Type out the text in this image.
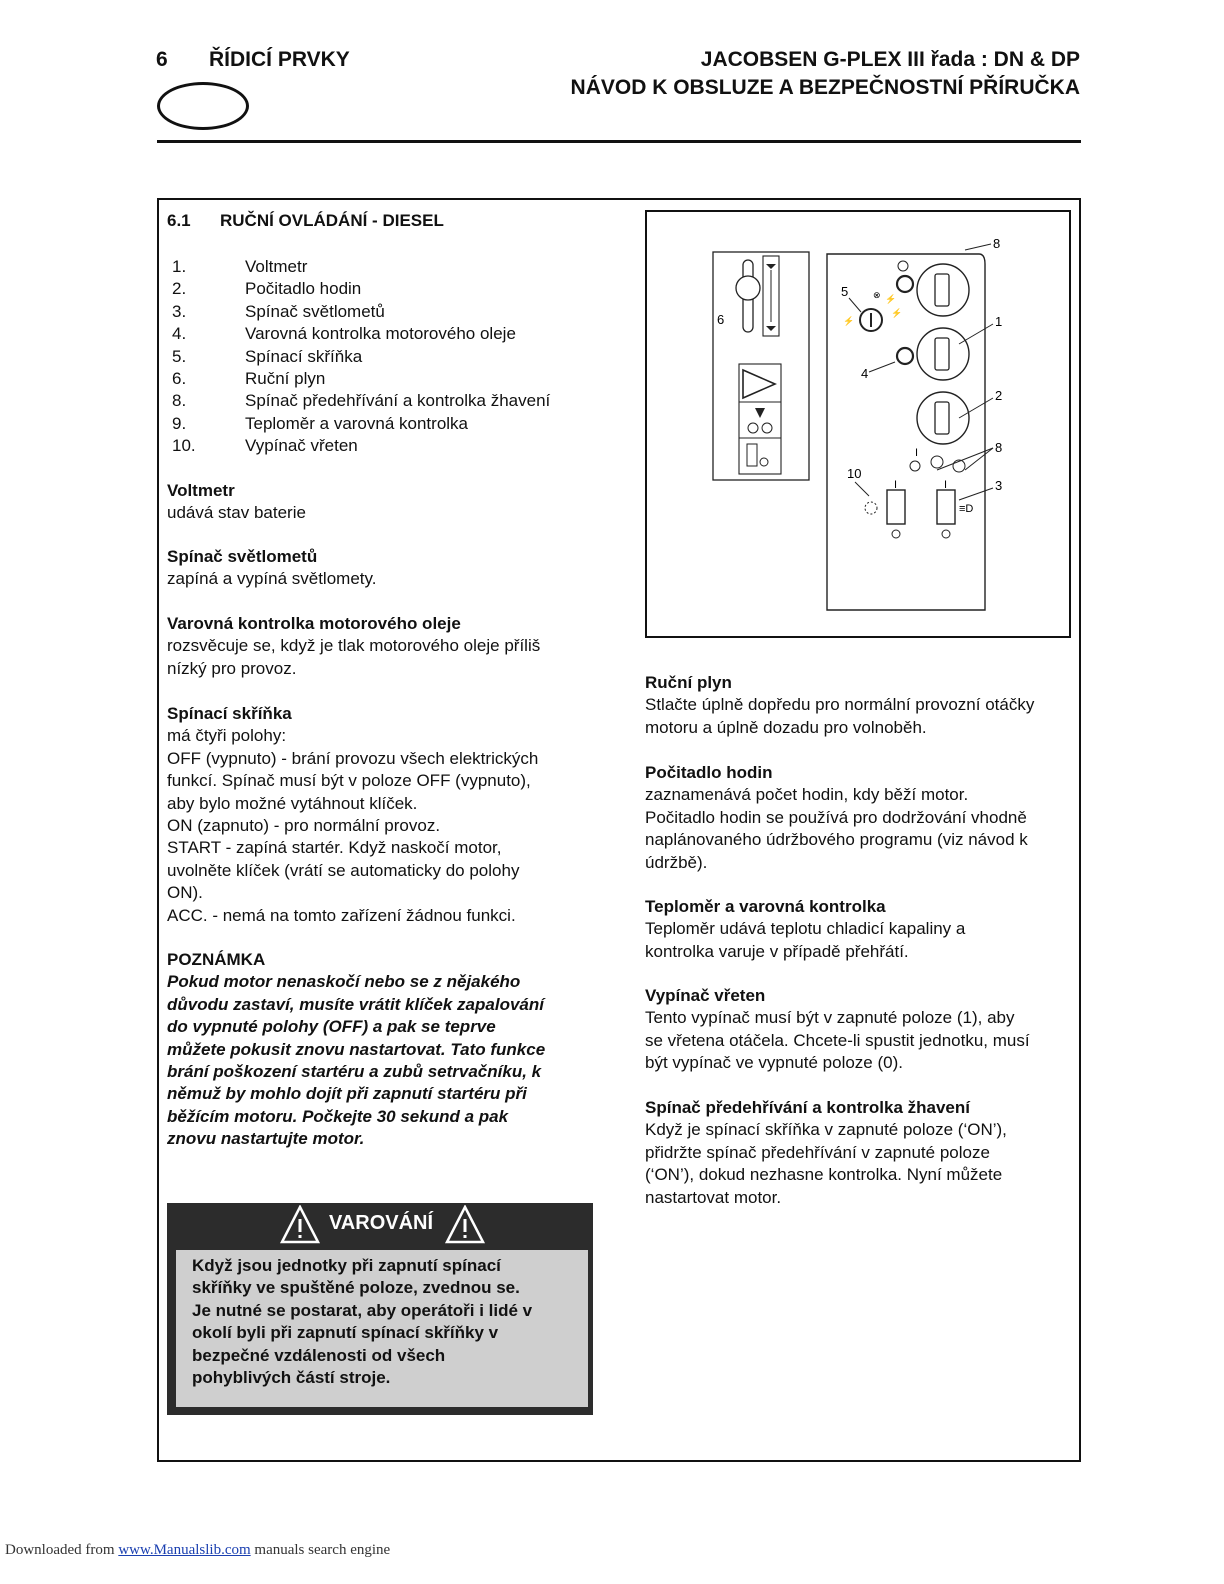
6 ŘÍDICÍ PRVKY	JACOBSEN G-PLEX III řada : DN & DP
NÁVOD K OBSLUZE A BEZPEČNOSTNÍ PŘÍRUČKA
6.1 RUČNÍ OVLÁDÁNÍ - DIESEL
1.	Voltmetr
2.	Počitadlo hodin
3.	Spínač světlometů
4.	Varovná kontrolka motorového oleje
5.	Spínací skříňka
6.	Ruční plyn
8.	Spínač předehřívání a kontrolka žhavení
9.	Teploměr a varovná kontrolka
10.	Vypínač vřeten

Voltmetr

udává stav baterie

Spínač světlometů

zapíná a vypíná světlomety.

Varovná kontrolka motorového oleje

rozsvěcuje se, když je tlak motorového oleje příliš

nízký pro provoz.

Spínací skříňka

má čtyři polohy:

OFF (vypnuto) - brání provozu všech elektrických

funkcí. Spínač musí být v poloze OFF (vypnuto),

aby bylo možné vytáhnout klíček.

ON (zapnuto) - pro normální provoz.

START - zapíná startér. Když naskočí motor,

uvolněte klíček (vrátí se automaticky do polohy

ON).

ACC. - nemá na tomto zařízení žádnou funkci.

POZNÁMKA

Pokud motor nenaskočí nebo se z nějakého

důvodu zastaví, musíte vrátit klíček zapalování

do vypnuté polohy (OFF) a pak se teprve

můžete pokusit znovu nastartovat. Tato funkce

brání poškození startéru a zubů setrvačníku, k

němuž by mohlo dojít při zapnutí startéru při

běžícím motoru. Počkejte 30 sekund a pak

znovu nastartujte motor.

VAROVÁNÍ
Když jsou jednotky při zapnutí spínací
skříňky ve spuštěné poloze, zvednou se.
Je nutné se postarat, aby operátoři i lidé v
okolí byli při zapnutí spínací skříňky v
bezpečné vzdálenosti od všech
pohyblivých částí stroje.
⊗
⚡
⚡
⚡
≡D
I
I	I
8
1
2
8
3
4
5
6
10

Ruční plyn

Stlačte úplně dopředu pro normální provozní otáčky

motoru a úplně dozadu pro volnoběh.

Počitadlo hodin

zaznamenává počet hodin, kdy běží motor.

Počitadlo hodin se používá pro dodržování vhodně

naplánovaného údržbového programu (viz návod k

údržbě).

Teploměr a varovná kontrolka

Teploměr udává teplotu chladicí kapaliny a

kontrolka varuje v případě přehřátí.

Vypínač vřeten

Tento vypínač musí být v zapnuté poloze (1), aby

se vřetena otáčela. Chcete-li spustit jednotku, musí

být vypínač ve vypnuté poloze (0).

Spínač předehřívání a kontrolka žhavení

Když je spínací skříňka v zapnuté poloze (‘ON’),

přidržte spínač předehřívání v zapnuté poloze

(‘ON’), dokud nezhasne kontrolka. Nyní můžete

nastartovat motor.

Downloaded from www.Manualslib.com manuals search engine
